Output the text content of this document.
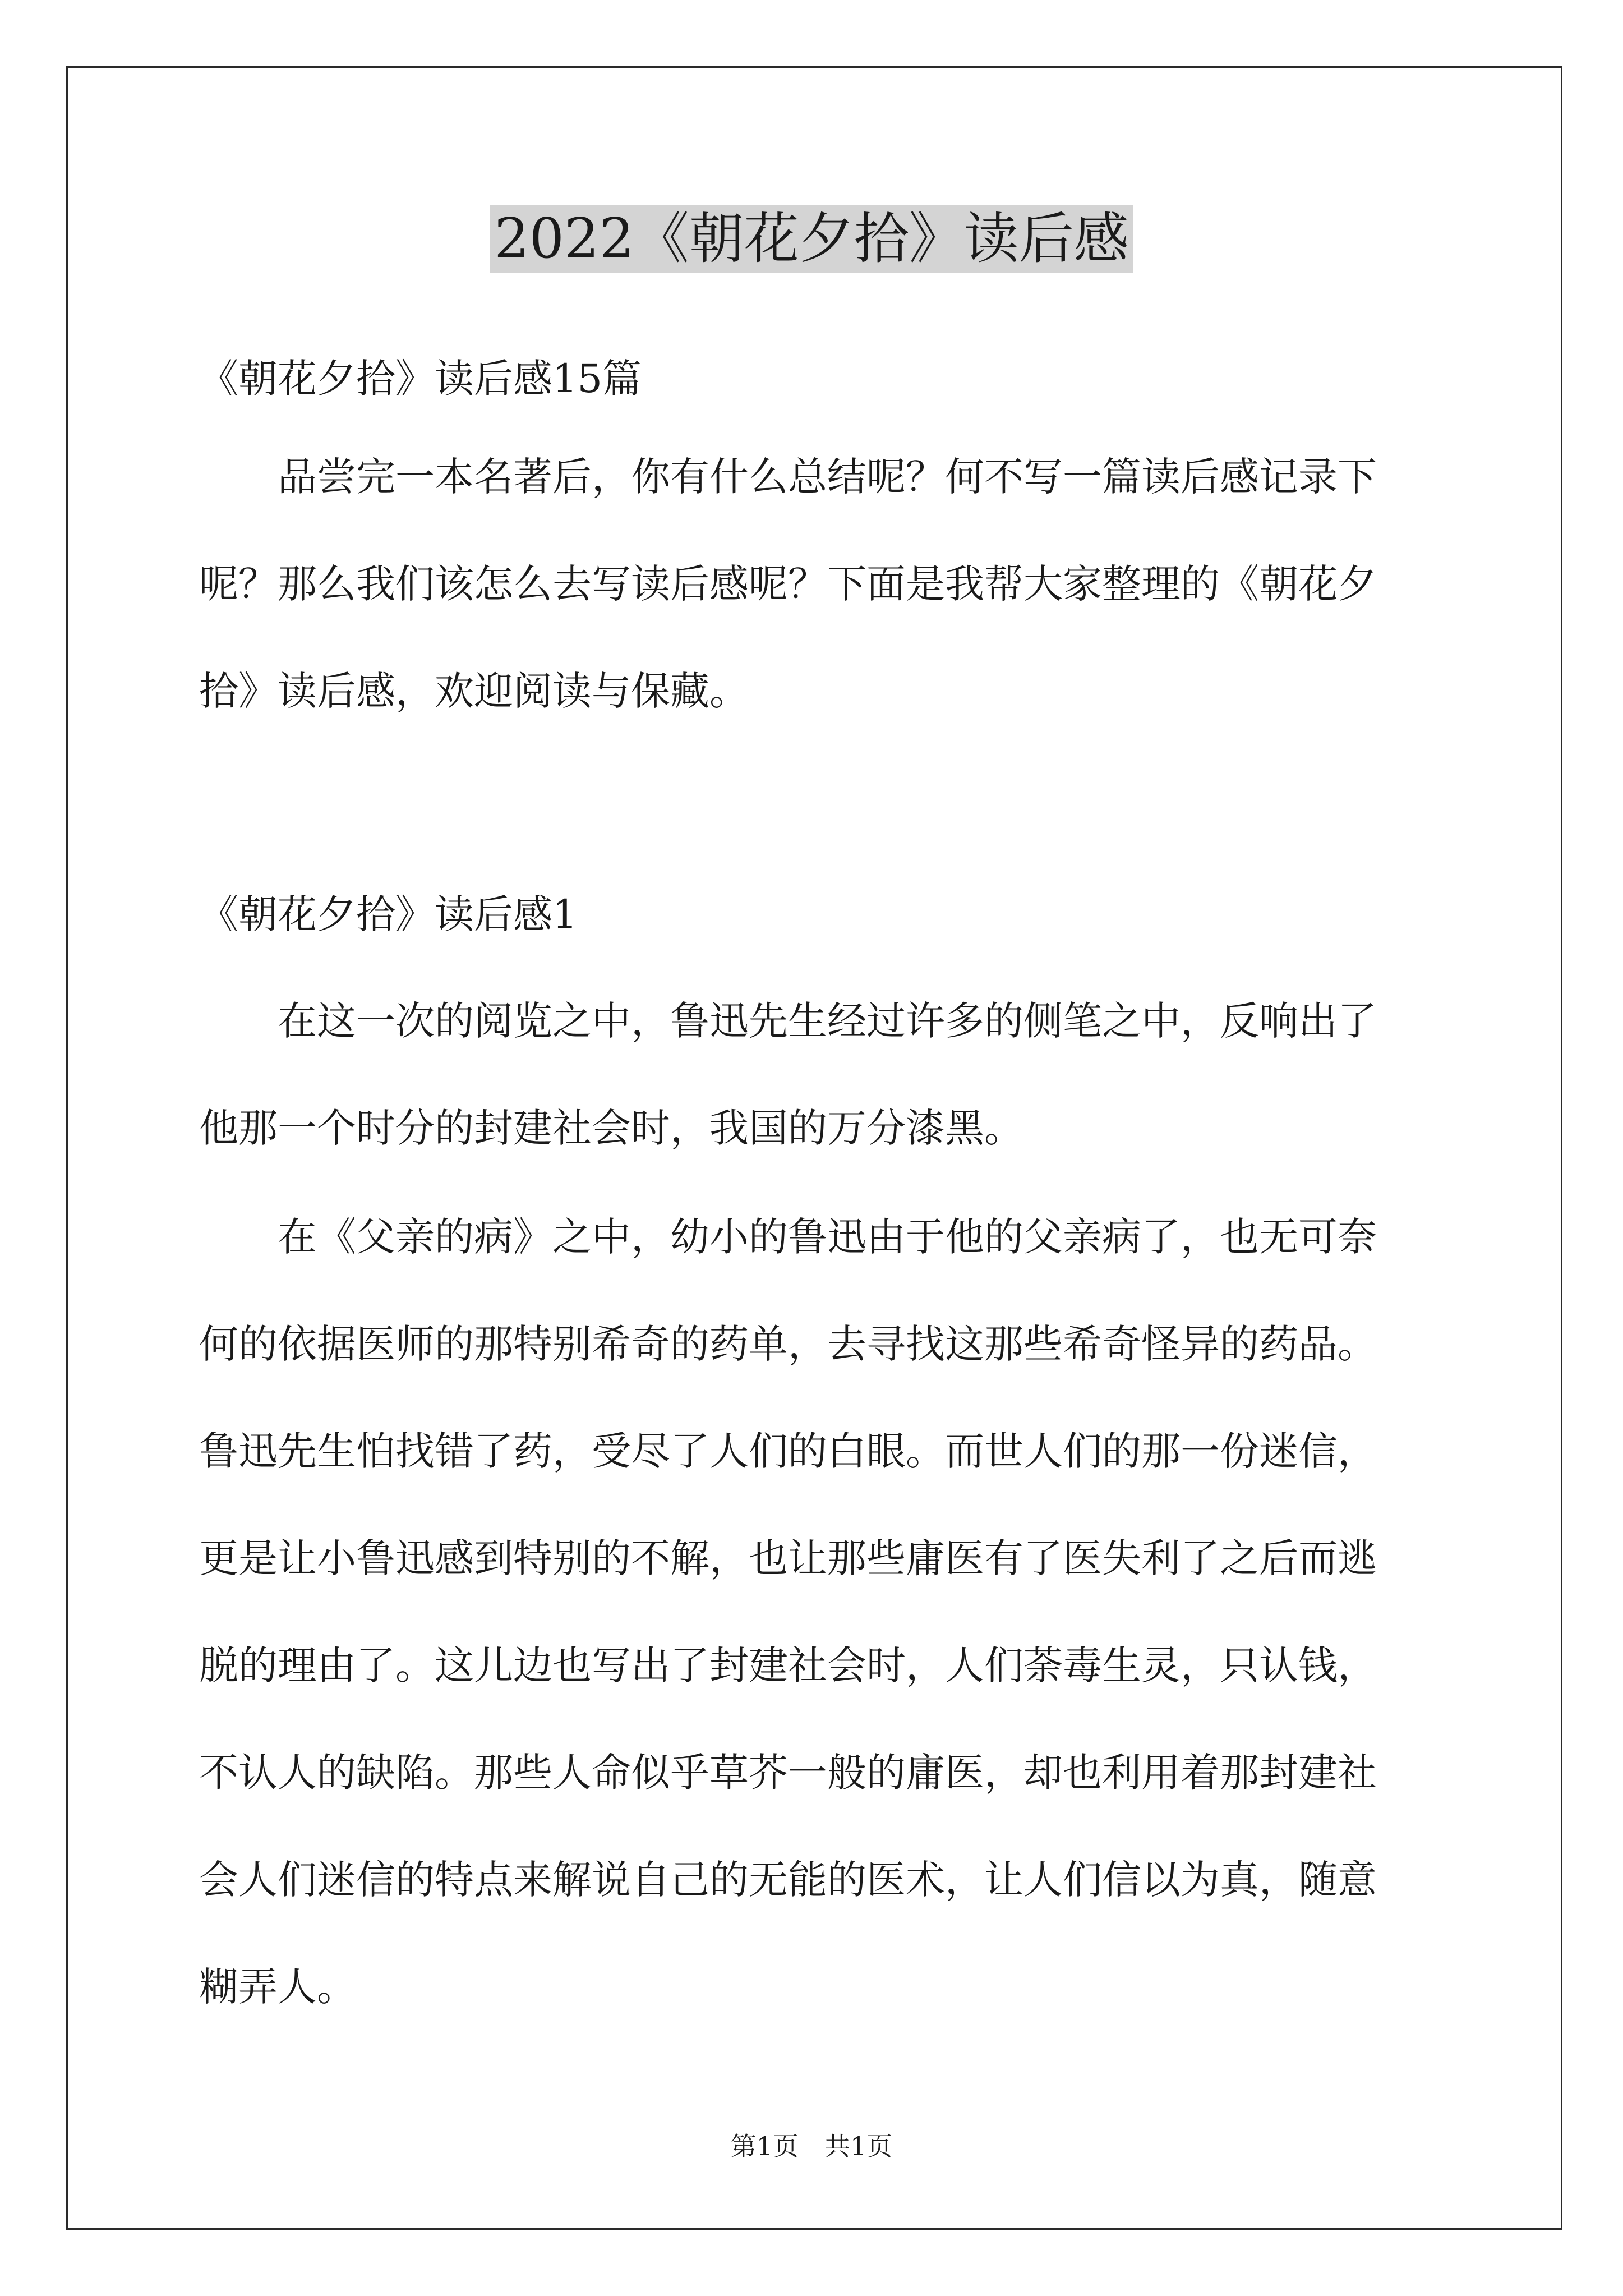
2022《朝花夕拾》读后感
《朝花夕拾》读后感15篇
　　品尝完一本名著后，你有什么总结呢？何不写一篇读后感记录下
呢？那么我们该怎么去写读后感呢？下面是我帮大家整理的《朝花夕
拾》读后感，欢迎阅读与保藏。
《朝花夕拾》读后感1
　　在这一次的阅览之中，鲁迅先生经过许多的侧笔之中，反响出了
他那一个时分的封建社会时，我国的万分漆黑。
　　在《父亲的病》之中，幼小的鲁迅由于他的父亲病了，也无可奈
何的依据医师的那特别希奇的药单，去寻找这那些希奇怪异的药品。
鲁迅先生怕找错了药，受尽了人们的白眼。而世人们的那一份迷信，
更是让小鲁迅感到特别的不解，也让那些庸医有了医失利了之后而逃
脱的理由了。这儿边也写出了封建社会时，人们荼毒生灵，只认钱，
不认人的缺陷。那些人命似乎草芥一般的庸医，却也利用着那封建社
会人们迷信的特点来解说自己的无能的医术，让人们信以为真，随意
糊弄人。
第1页　共1页
